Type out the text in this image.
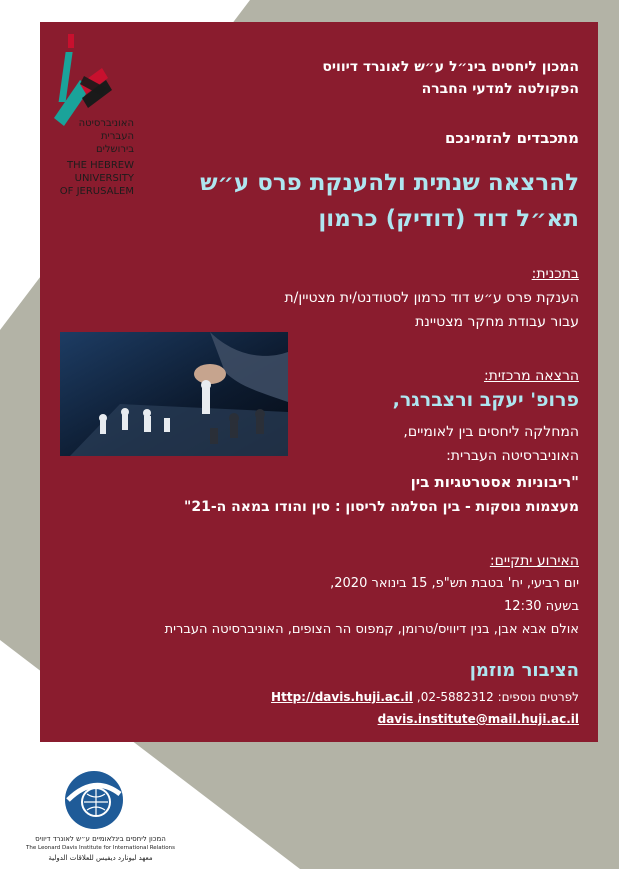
האוניברסיטה
העברית
בירושלים
THE HEBREW
UNIVERSITY
OF JERUSALEM
המכון ליחסים בינ״ל ע״ש לאונרד דיוויס
הפקולטה למדעי החברה
מתכבדים להזמינכם
להרצאה שנתית ולהענקת פרס ע״ש
תא״ל דוד (דודיק) כרמון
בתכנית:
הענקת פרס ע״ש דוד כרמון לסטודנט/ית מצטיין/ת
עבור עבודת מחקר מצטיינת
הרצאה מרכזית:
פרופ' יעקב ורצברגר,
המחלקה ליחסים בין לאומיים,
האוניברסיטה העברית:
"ריבוניות אסטרטגיות בין
מעצמות נוסקות - בין הסלמה לריסון : סין והודו במאה ה-21"
האירוע יתקיים:
יום רביעי, יח' בטבת תש"פ, 15 בינואר 2020,
בשעה 12:30
אולם אבא אבן, בנין דיוויס/טרומן, קמפוס הר הצופים, האוניברסיטה העברית
הציבור מוזמן
לפרטים נוספים: 02-5882312,
Http://davis.huji.ac.il
davis.institute@mail.huji.ac.il
המכון ליחסים בינלאומיים ע״ש לאונרד דיוויס
The Leonard Davis Institute for International Relations
معهد ليونارد ديفيس للعلاقات الدولية
